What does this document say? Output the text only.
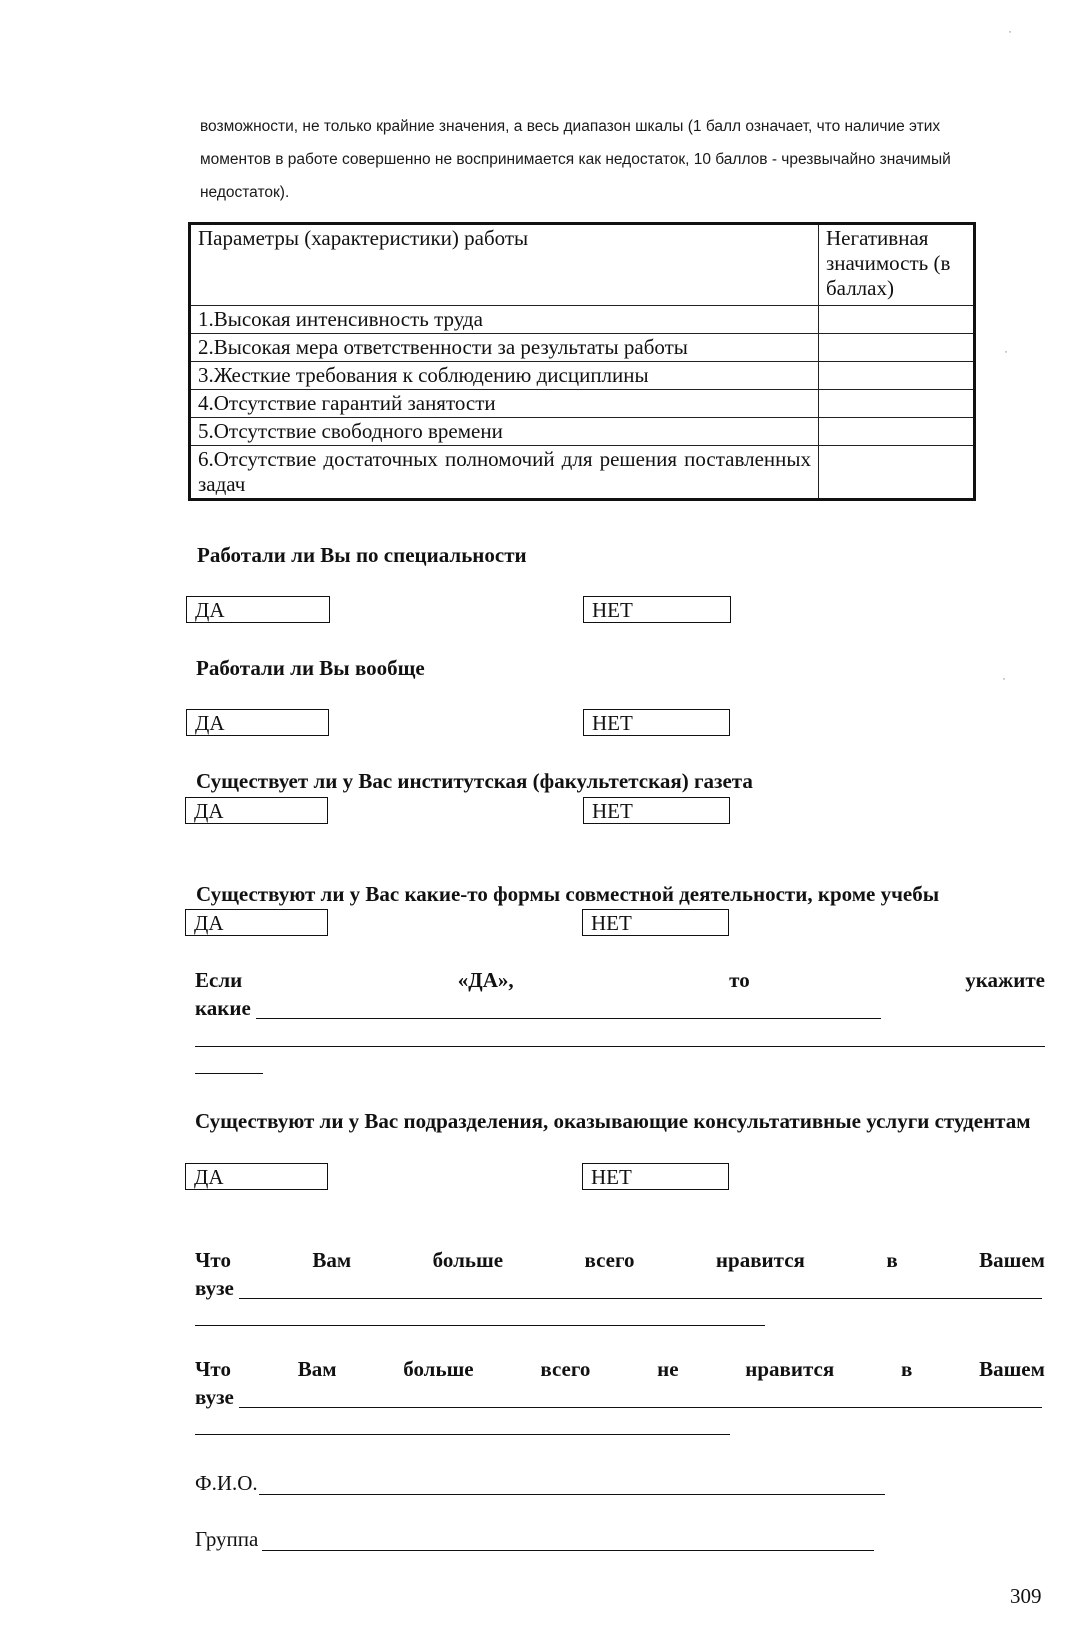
возможности, не только крайние значения, а весь диапазон шкалы (1 балл означает, что наличие этих
моментов в работе совершенно не воспринимается как недостаток, 10 баллов - чрезвычайно значимый
недостаток).
Параметры (характеристики) работы	Негативная значимость (в баллах)
1.Высокая интенсивность труда	
2.Высокая мера ответственности за результаты работы	
3.Жесткие требования к соблюдению дисциплины	
4.Отсутствие гарантий занятости	
5.Отсутствие свободного времени	
6.Отсутствие достаточных полномочий для решения поставленных задач	
Работали ли Вы по специальности
ДА	НЕТ
Работали ли Вы вообще
ДА	НЕТ
Существует ли у Вас институтская (факультетская) газета
ДА	НЕТ
Существуют ли у Вас какие-то формы совместной деятельности, кроме учебы
ДА	НЕТ
Если	«ДА»,	то	укажите
какие
Существуют ли у Вас подразделения, оказывающие консультативные услуги студентам
ДА	НЕТ
Что	Вам	больше	всего	нравится	в	Вашем
вузе
Что	Вам	больше	всего	не	нравится	в	Вашем
вузе
Ф.И.О.
Группа
309
˙
˙
˙
